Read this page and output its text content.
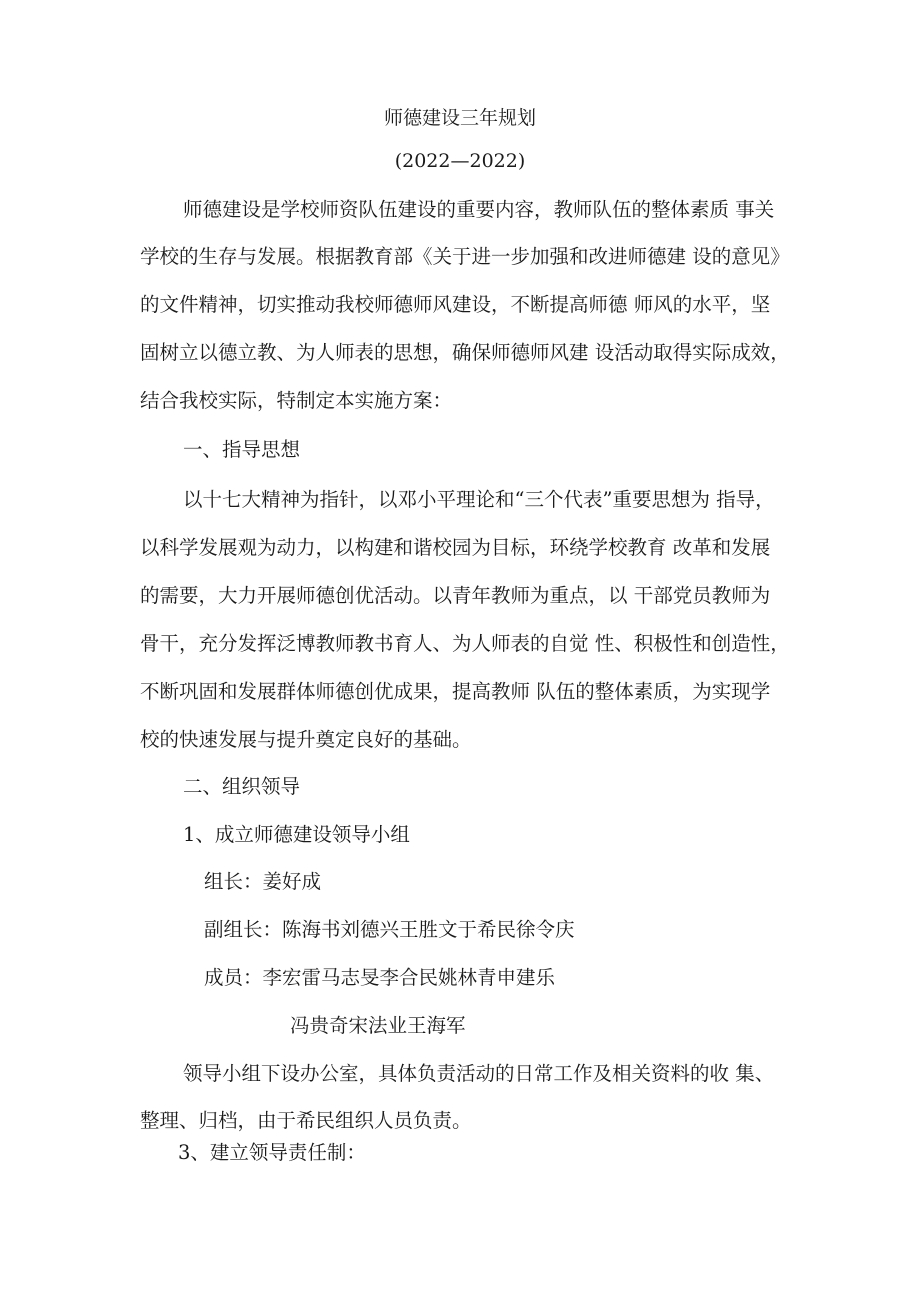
师德建设三年规划
(2022—2022)
师德建设是学校师资队伍建设的重要内容，教师队伍的整体素质 事关
学校的生存与发展。根据教育部《关于进一步加强和改进师德建 设的意见》
的文件精神，切实推动我校师德师风建设，不断提高师德 师风的水平，坚
固树立以德立教、为人师表的思想，确保师德师风建 设活动取得实际成效，
结合我校实际，特制定本实施方案：
一、指导思想
以十七大精神为指针，以邓小平理论和“三个代表”重要思想为 指导，
以科学发展观为动力，以构建和谐校园为目标，环绕学校教育 改革和发展
的需要，大力开展师德创优活动。以青年教师为重点，以 干部党员教师为
骨干，充分发挥泛博教师教书育人、为人师表的自觉 性、积极性和创造性，
不断巩固和发展群体师德创优成果，提高教师 队伍的整体素质，为实现学
校的快速发展与提升奠定良好的基础。
二、组织领导
1、成立师德建设领导小组
组长：姜好成
副组长：陈海书刘德兴王胜文于希民徐令庆
成员：李宏雷马志旻李合民姚林青申建乐
冯贵奇宋法业王海军
领导小组下设办公室，具体负责活动的日常工作及相关资料的收 集、
整理、归档，由于希民组织人员负责。
3、建立领导责任制：
